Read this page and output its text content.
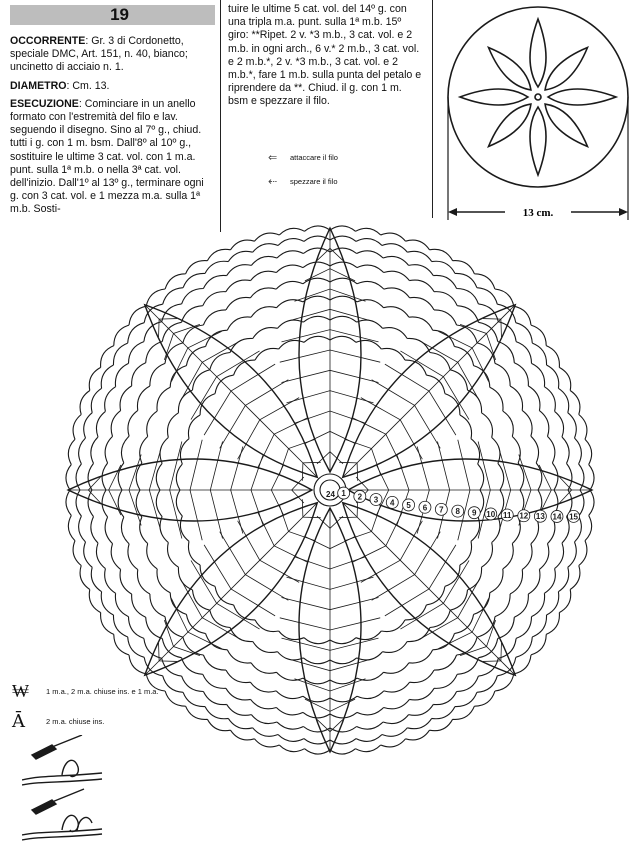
19

OCCORRENTE: Gr. 3 di Cordonetto, speciale DMC, Art. 151, n. 40, bianco; uncinetto di acciaio n. 1.

DIAMETRO: Cm. 13.

ESECUZIONE: Cominciare in un anello formato con l'estremità del filo e lav. seguendo il disegno. Sino al 7º g., chiud. tutti i g. con 1 m. bsm. Dall'8º al 10º g., sostituire le ultime 3 cat. vol. con 1 m.a. punt. sulla 1ª m.b. o nella 3ª cat. vol. dell'inizio. Dall'1º al 13º g., terminare ogni g. con 3 cat. vol. e 1 mezza m.a. sulla 1ª m.b. Sosti-

tuire le ultime 5 cat. vol. del 14º g. con una tripla m.a. punt. sulla 1ª m.b. 15º giro: **Ripet. 2 v. *3 m.b., 3 cat. vol. e 2 m.b. in ogni arch., 6 v.* 2 m.b., 3 cat. vol. e 2 m.b.*, 2 v. *3 m.b., 3 cat. vol. e 2 m.b.*, fare 1 m.b. sulla punta del petalo e riprendere da **. Chiud. il g. con 1 m. bsm e spezzare il filo.

⇐	attaccare il filo
⇠	spezzare il filo
13 cm.
1 2 3 4 5 6 7 8 9 10 11 12 13 14 15
24
₩	1 m.a., 2 m.a. chiuse ins. e 1 m.a.
Ā	2 m.a. chiuse ins.
